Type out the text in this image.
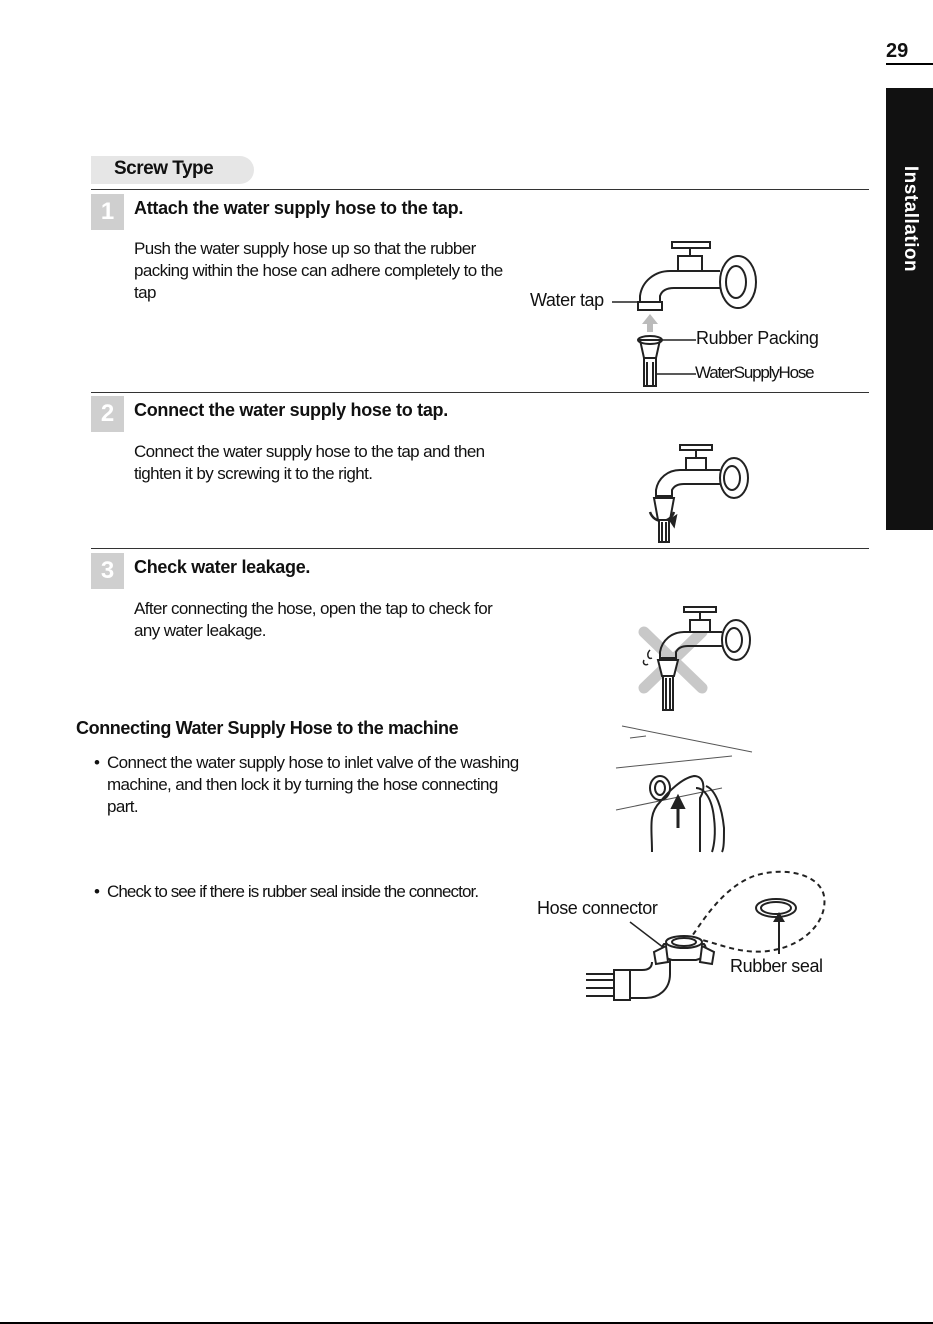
29
Installation
Screw Type
1	Attach the water supply hose to the tap.
Push the water supply hose up so that the rubber packing within the hose can adhere completely to the tap	Water tap
Rubber Packing
WaterSupplyHose
2	Connect the water supply hose to tap.
Connect the water supply hose to the tap and then tighten it by screwing it to the right.
3	Check water leakage.
After connecting the hose, open the tap to check for any water leakage.
Connecting Water Supply Hose to the machine
• Connect the water supply hose to inlet valve of the washing machine, and then lock it by turning the hose connecting part.
• Check to see if there is rubber seal inside the connector.
Hose connector
Rubber seal
